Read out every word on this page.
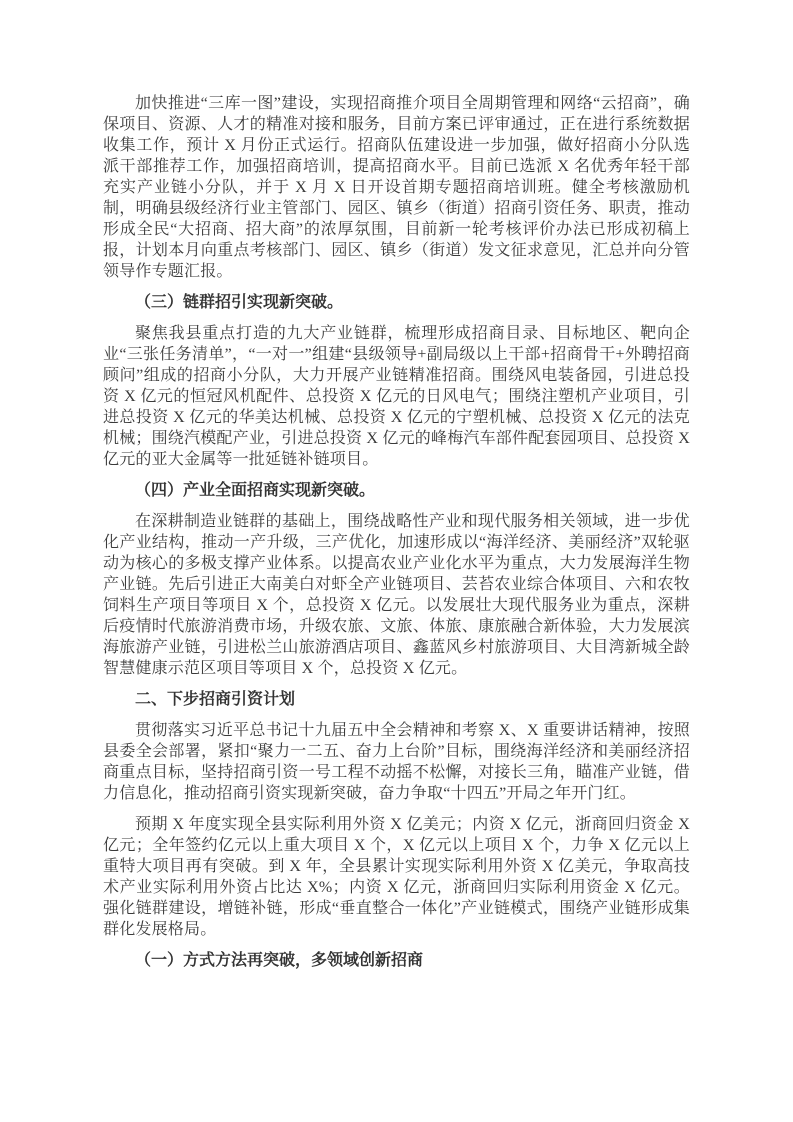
加快推进“三库一图”建设，实现招商推介项目全周期管理和网络“云招商”，确保项目、资源、人才的精准对接和服务，目前方案已评审通过，正在进行系统数据收集工作，预计 X 月份正式运行。招商队伍建设进一步加强，做好招商小分队选派干部推荐工作，加强招商培训，提高招商水平。目前已选派 X 名优秀年轻干部充实产业链小分队，并于 X 月 X 日开设首期专题招商培训班。健全考核激励机制，明确县级经济行业主管部门、园区、镇乡（街道）招商引资任务、职责，推动形成全民“大招商、招大商”的浓厚氛围，目前新一轮考核评价办法已形成初稿上报，计划本月向重点考核部门、园区、镇乡（街道）发文征求意见，汇总并向分管领导作专题汇报。

（三）链群招引实现新突破。

聚焦我县重点打造的九大产业链群，梳理形成招商目录、目标地区、靶向企业“三张任务清单”，“一对一”组建“县级领导+副局级以上干部+招商骨干+外聘招商顾问”组成的招商小分队，大力开展产业链精准招商。围绕风电装备园，引进总投资 X 亿元的恒冠风机配件、总投资 X 亿元的日风电气；围绕注塑机产业项目，引进总投资 X 亿元的华美达机械、总投资 X 亿元的宁塑机械、总投资 X 亿元的法克机械；围绕汽模配产业，引进总投资 X 亿元的峰梅汽车部件配套园项目、总投资 X 亿元的亚大金属等一批延链补链项目。

（四）产业全面招商实现新突破。

在深耕制造业链群的基础上，围绕战略性产业和现代服务相关领域，进一步优化产业结构，推动一产升级，三产优化，加速形成以“海洋经济、美丽经济”双轮驱动为核心的多极支撑产业体系。以提高农业产业化水平为重点，大力发展海洋生物产业链。先后引进正大南美白对虾全产业链项目、芸苔农业综合体项目、六和农牧饲料生产项目等项目 X 个，总投资 X 亿元。以发展壮大现代服务业为重点，深耕后疫情时代旅游消费市场，升级农旅、文旅、体旅、康旅融合新体验，大力发展滨海旅游产业链，引进松兰山旅游酒店项目、鑫蓝风乡村旅游项目、大目湾新城全龄智慧健康示范区项目等项目 X 个，总投资 X 亿元。

二、下步招商引资计划

贯彻落实习近平总书记十九届五中全会精神和考察 X、X 重要讲话精神，按照县委全会部署，紧扣“聚力一二五、奋力上台阶”目标，围绕海洋经济和美丽经济招商重点目标，坚持招商引资一号工程不动摇不松懈，对接长三角，瞄准产业链，借力信息化，推动招商引资实现新突破，奋力争取“十四五”开局之年开门红。

预期 X 年度实现全县实际利用外资 X 亿美元；内资 X 亿元，浙商回归资金 X 亿元；全年签约亿元以上重大项目 X 个，X 亿元以上项目 X 个，力争 X 亿元以上重特大项目再有突破。到 X 年，全县累计实现实际利用外资 X 亿美元，争取高技术产业实际利用外资占比达 X%；内资 X 亿元，浙商回归实际利用资金 X 亿元。强化链群建设，增链补链，形成“垂直整合一体化”产业链模式，围绕产业链形成集群化发展格局。

（一）方式方法再突破，多领域创新招商
